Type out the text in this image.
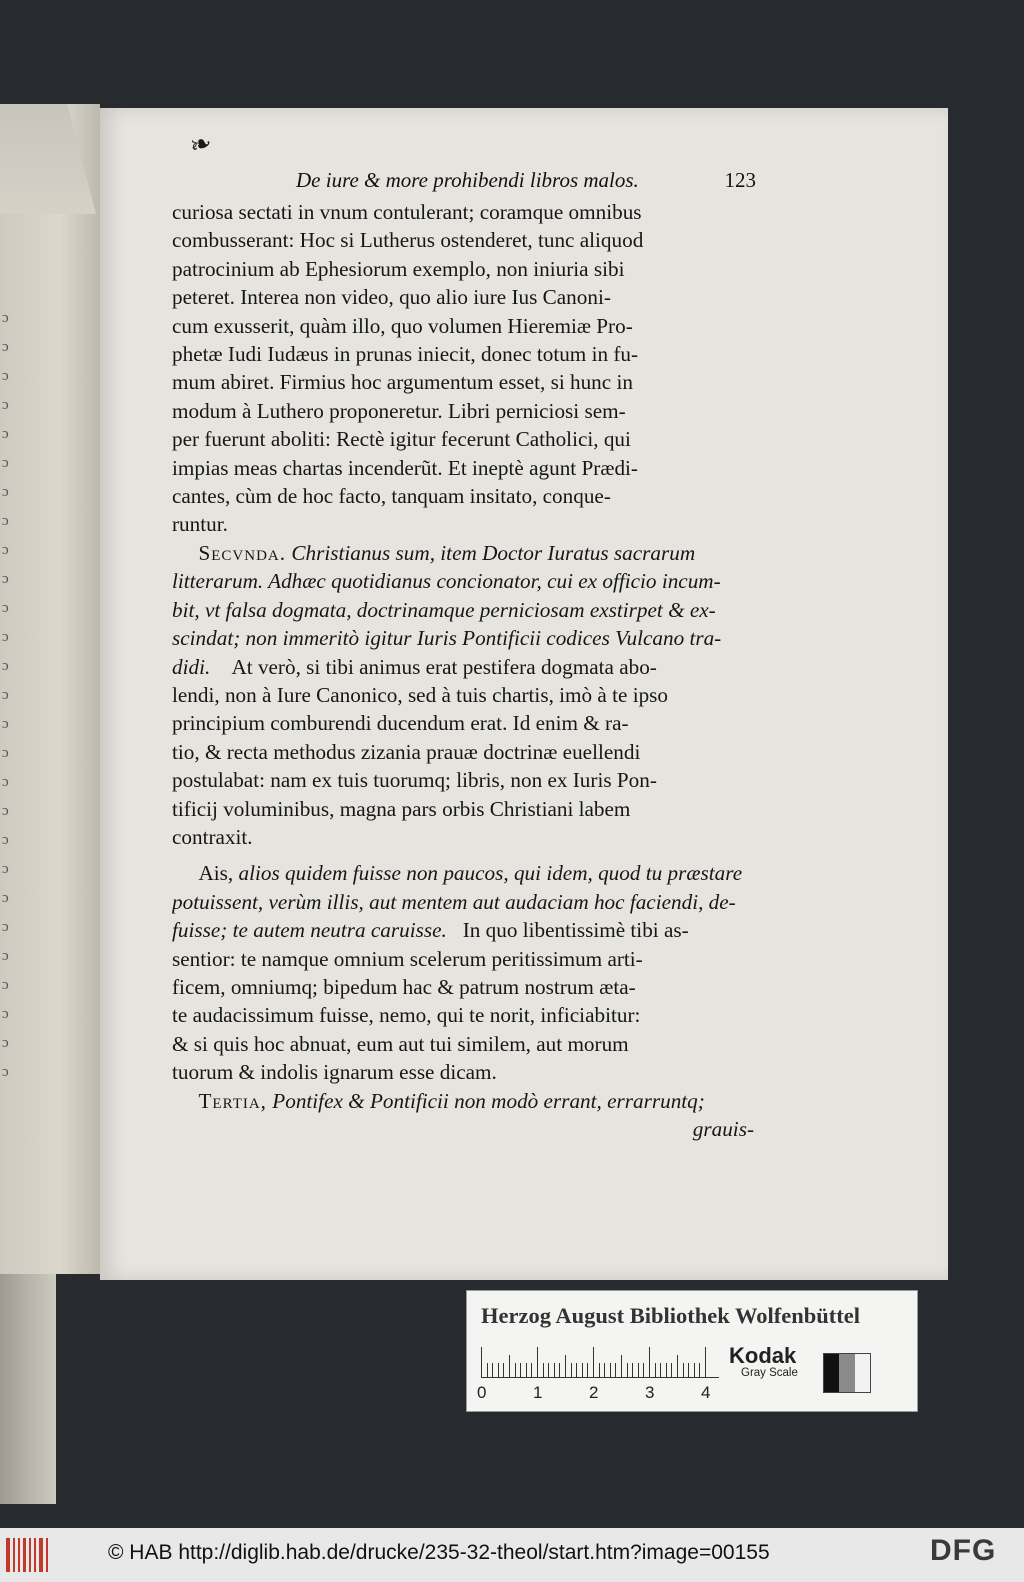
ɔ
ɔ
ɔ
ɔ
ɔ
ɔ
ɔ
ɔ
ɔ
ɔ
ɔ
ɔ
ɔ
ɔ
ɔ
ɔ
ɔ
ɔ
ɔ
ɔ
ɔ
ɔ
ɔ
ɔ
ɔ
ɔ
ɔ
❧
De iure & more prohibendi libros malos.	123
curiosa sectati in vnum contulerant; coramque omnibus
combusserant: Hoc si Lutherus ostenderet, tunc aliquod
patrocinium ab Ephesiorum exemplo, non iniuria sibi
peteret. Interea non video, quo alio iure Ius Canoni-
cum exusserit, quàm illo, quo volumen Hieremiæ Pro-
phetæ Iudi Iudæus in prunas iniecit, donec totum in fu-
mum abiret. Firmius hoc argumentum esset, si hunc in
modum à Luthero proponeretur. Libri perniciosi sem-
per fuerunt aboliti: Rectè igitur fecerunt Catholici, qui
impias meas chartas incenderũt. Et ineptè agunt Prædi-
cantes, cùm de hoc facto, tanquam insitato, conque-
runtur.
Secvnda. Christianus sum, item Doctor Iuratus sacrarum
litterarum. Adhæc quotidianus concionator, cui ex officio incum-
bit, vt falsa dogmata, doctrinamque perniciosam exstirpet & ex-
scindat; non immeritò igitur Iuris Pontificii codices Vulcano tra-
didi. At verò, si tibi animus erat pestifera dogmata abo-
lendi, non à Iure Canonico, sed à tuis chartis, imò à te ipso
principium comburendi ducendum erat. Id enim & ra-
tio, & recta methodus zizania prauæ doctrinæ euellendi
postulabat: nam ex tuis tuorumq; libris, non ex Iuris Pon-
tificij voluminibus, magna pars orbis Christiani labem
contraxit.
Ais, alios quidem fuisse non paucos, qui idem, quod tu præstare
potuissent, verùm illis, aut mentem aut audaciam hoc faciendi, de-
fuisse; te autem neutra caruisse. In quo libentissimè tibi as-
sentior: te namque omnium scelerum peritissimum arti-
ficem, omniumq; bipedum hac & patrum nostrum æta-
te audacissimum fuisse, nemo, qui te norit, inficiabitur:
& si quis hoc abnuat, eum aut tui similem, aut morum
tuorum & indolis ignarum esse dicam.
Tertia, Pontifex & Pontificii non modò errant, errarruntq;
grauis-
Herzog August Bibliothek Wolfenbüttel
0	1	2	3	4
Kodak
Gray Scale
© HAB http://diglib.hab.de/drucke/235-32-theol/start.htm?image=00155	DFG
